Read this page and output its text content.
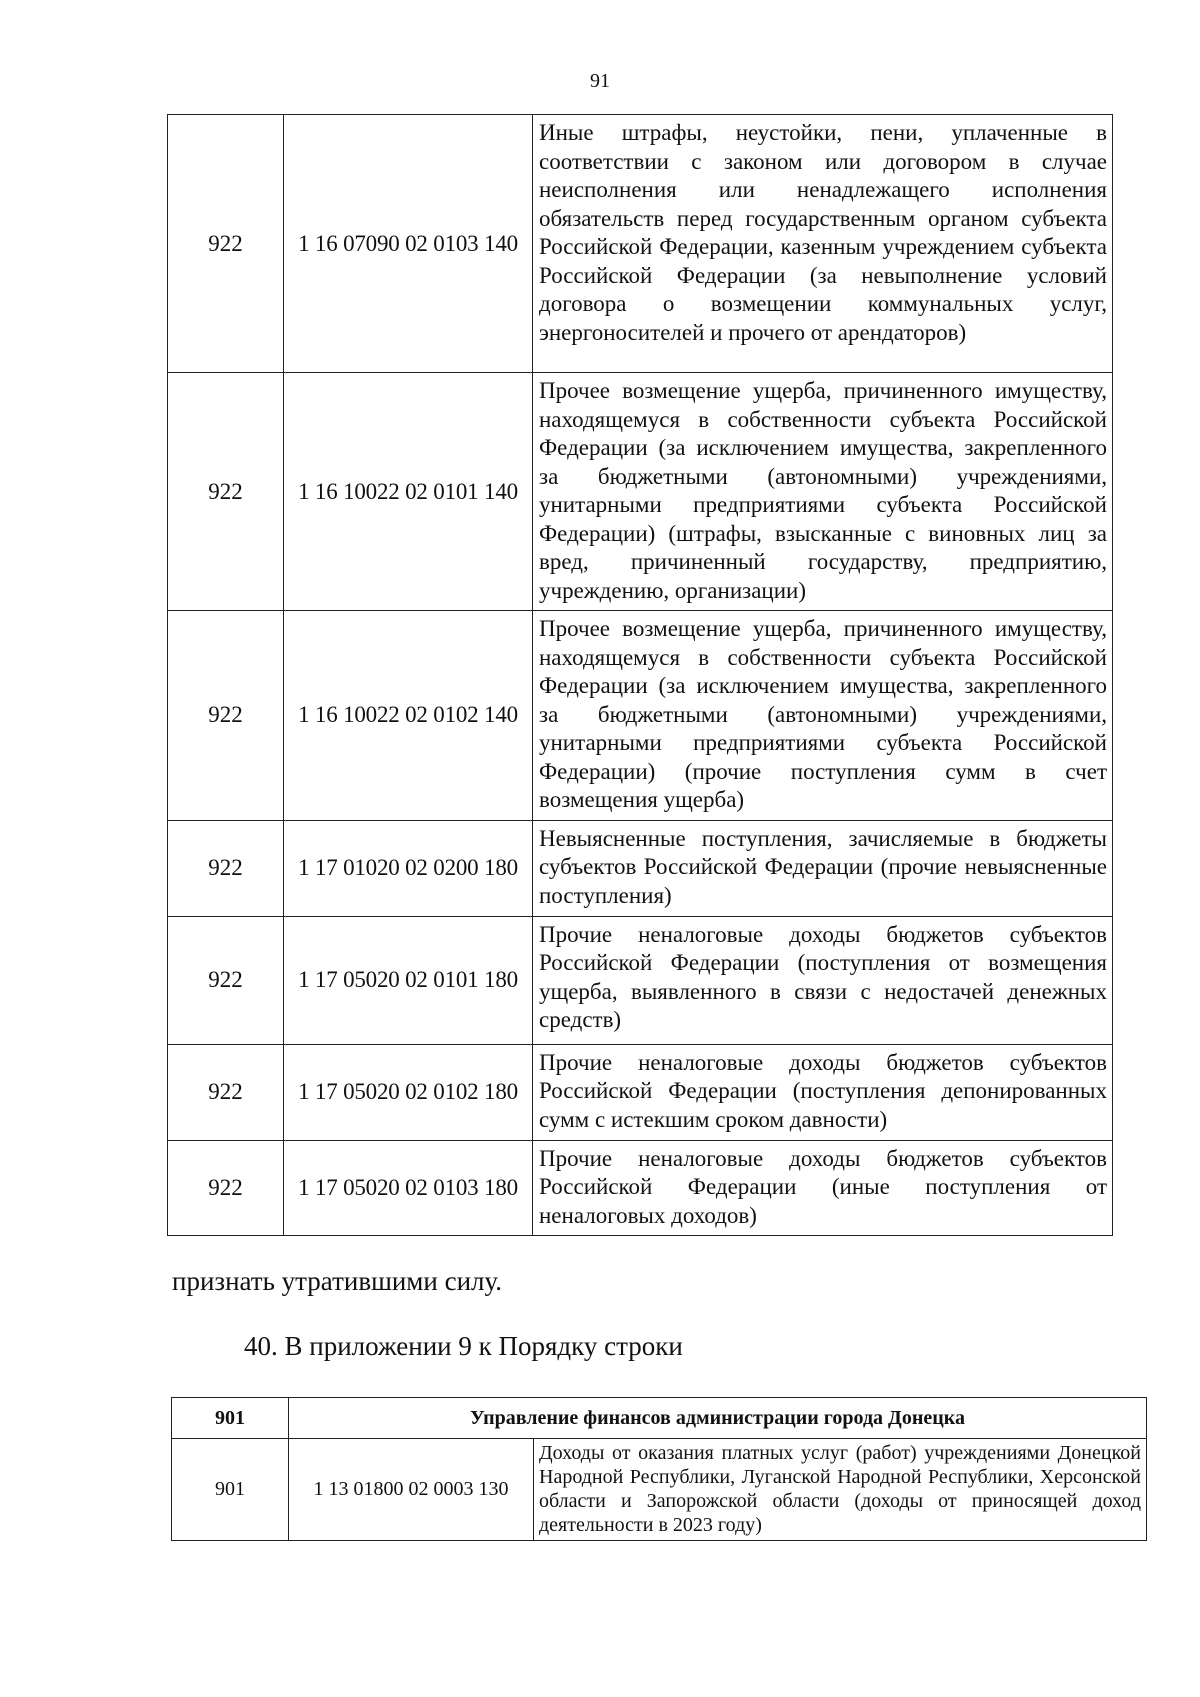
91
922	1 16 07090 02 0103 140	Иные штрафы, неустойки, пени, уплаченные в соответствии с законом или договором в случае неисполнения или ненадлежащего исполнения обязательств перед государственным органом субъекта Российской Федерации, казенным учреждением субъекта Российской Федерации (за невыполнение условий договора о возмещении коммунальных услуг, энергоносителей и прочего от арендаторов)
922	1 16 10022 02 0101 140	Прочее возмещение ущерба, причиненного имуществу, находящемуся в собственности субъекта Российской Федерации (за исключением имущества, закрепленного за бюджетными (автономными) учреждениями, унитарными предприятиями субъекта Российской Федерации) (штрафы, взысканные с виновных лиц за вред, причиненный государству, предприятию, учреждению, организации)
922	1 16 10022 02 0102 140	Прочее возмещение ущерба, причиненного имуществу, находящемуся в собственности субъекта Российской Федерации (за исключением имущества, закрепленного за бюджетными (автономными) учреждениями, унитарными предприятиями субъекта Российской Федерации) (прочие поступления сумм в счет возмещения ущерба)
922	1 17 01020 02 0200 180	Невыясненные поступления, зачисляемые в бюджеты субъектов Российской Федерации (прочие невыясненные поступления)
922	1 17 05020 02 0101 180	Прочие неналоговые доходы бюджетов субъектов Российской Федерации (поступления от возмещения ущерба, выявленного в связи с недостачей денежных средств)
922	1 17 05020 02 0102 180	Прочие неналоговые доходы бюджетов субъектов Российской Федерации (поступления депонированных сумм с истекшим сроком давности)
922	1 17 05020 02 0103 180	Прочие неналоговые доходы бюджетов субъектов Российской Федерации (иные поступления от неналоговых доходов)
признать утратившими силу.
40. В приложении 9 к Порядку строки
901	Управление финансов администрации города Донецка	
901	1 13 01800 02 0003 130	Доходы от оказания платных услуг (работ) учреждениями Донецкой Народной Республики, Луганской Народной Республики, Херсонской области и Запорожской области (доходы от приносящей доход деятельности в 2023 году)
